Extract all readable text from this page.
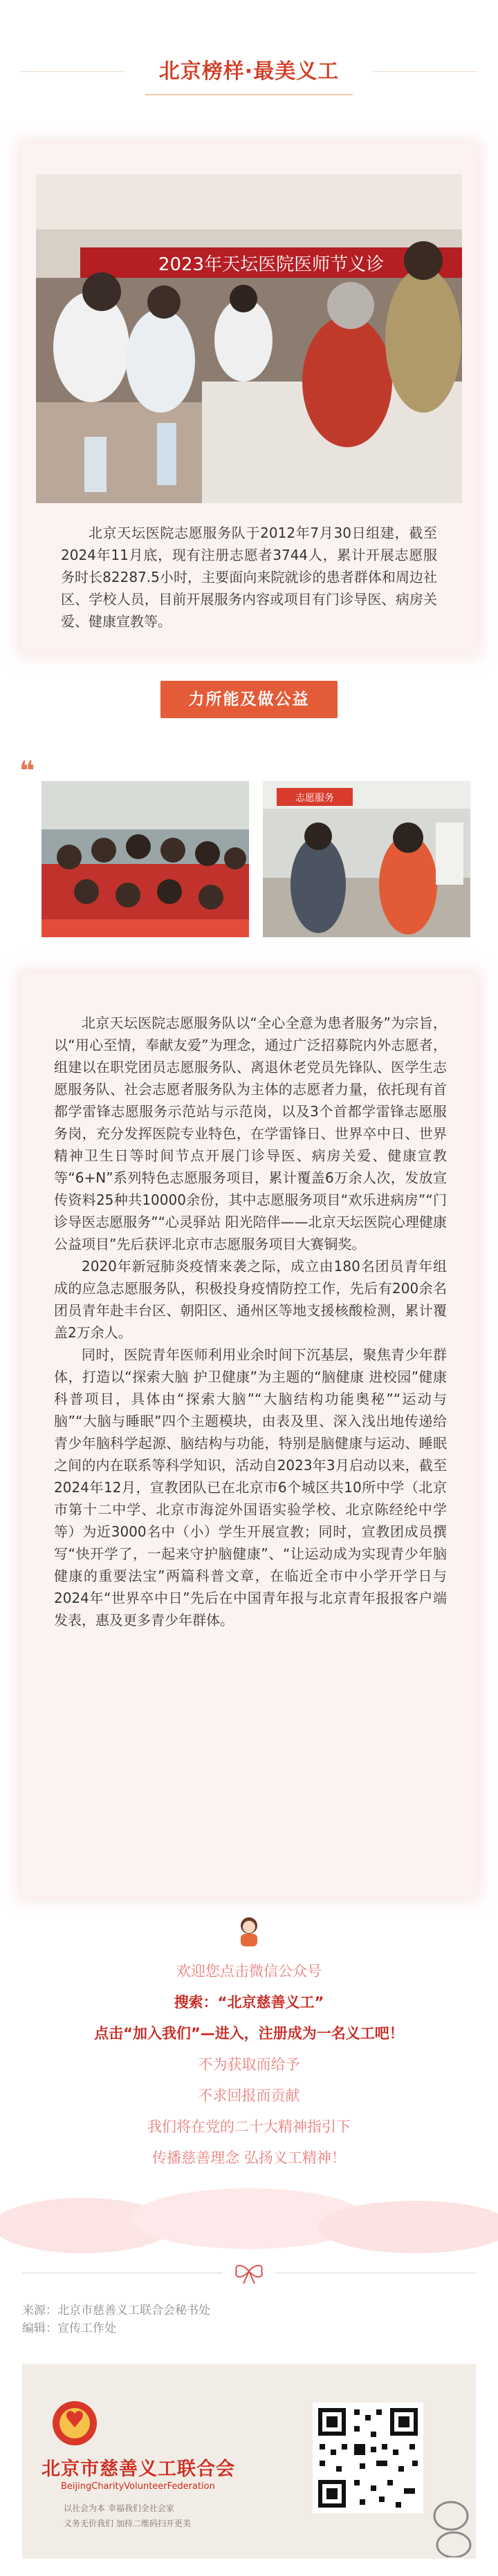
北京榜样·最美义工
2023年天坛医院医师节义诊

北京天坛医院志愿服务队于2012年7月30日组建，截至2024年11月底，现有注册志愿者3744人，累计开展志愿服务时长82287.5小时，主要面向来院就诊的患者群体和周边社区、学校人员，目前开展服务内容或项目有门诊导医、病房关爱、健康宣教等。

力所能及做公益
❝
志愿服务

北京天坛医院志愿服务队以“全心全意为患者服务”为宗旨，以“用心至情，奉献友爱”为理念，通过广泛招募院内外志愿者，组建以在职党团员志愿服务队、离退休老党员先锋队、医学生志愿服务队、社会志愿者服务队为主体的志愿者力量，依托现有首都学雷锋志愿服务示范站与示范岗，以及3个首都学雷锋志愿服务岗，充分发挥医院专业特色，在学雷锋日、世界卒中日、世界精神卫生日等时间节点开展门诊导医、病房关爱、健康宣教等“6+N”系列特色志愿服务项目，累计覆盖6万余人次，发放宣传资料25种共10000余份，其中志愿服务项目“欢乐进病房”“门诊导医志愿服务”“心灵驿站 阳光陪伴——北京天坛医院心理健康公益项目”先后获评北京市志愿服务项目大赛铜奖。

2020年新冠肺炎疫情来袭之际，成立由180名团员青年组成的应急志愿服务队，积极投身疫情防控工作，先后有200余名团员青年赴丰台区、朝阳区、通州区等地支援核酸检测，累计覆盖2万余人。

同时，医院青年医师利用业余时间下沉基层，聚焦青少年群体，打造以“探索大脑 护卫健康”为主题的“脑健康 进校园”健康科普项目，具体由“探索大脑”“大脑结构功能奥秘”“运动与脑”“大脑与睡眠”四个主题模块，由表及里、深入浅出地传递给青少年脑科学起源、脑结构与功能，特别是脑健康与运动、睡眠之间的内在联系等科学知识，活动自2023年3月启动以来，截至2024年12月，宣教团队已在北京市6个城区共10所中学（北京市第十二中学、北京市海淀外国语实验学校、北京陈经纶中学等）为近3000名中（小）学生开展宣教；同时，宣教团成员撰写“快开学了，一起来守护脑健康”、“让运动成为实现青少年脑健康的重要法宝”两篇科普文章，在临近全市中小学开学日与2024年“世界卒中日”先后在中国青年报与北京青年报报客户端发表，惠及更多青少年群体。

欢迎您点击微信公众号
搜索：“北京慈善义工”
点击“加入我们”—进入，注册成为一名义工吧！
不为获取而给予
不求回报而贡献
我们将在党的二十大精神指引下
传播慈善理念 弘扬义工精神！
来源：北京市慈善义工联合会秘书处
编辑：宣传工作处
北京市慈善义工联合会
BeijingCharityVolunteerFederation
以社会为本 幸福我们全社会家
义务无价我们 加持二维码扫开更美
